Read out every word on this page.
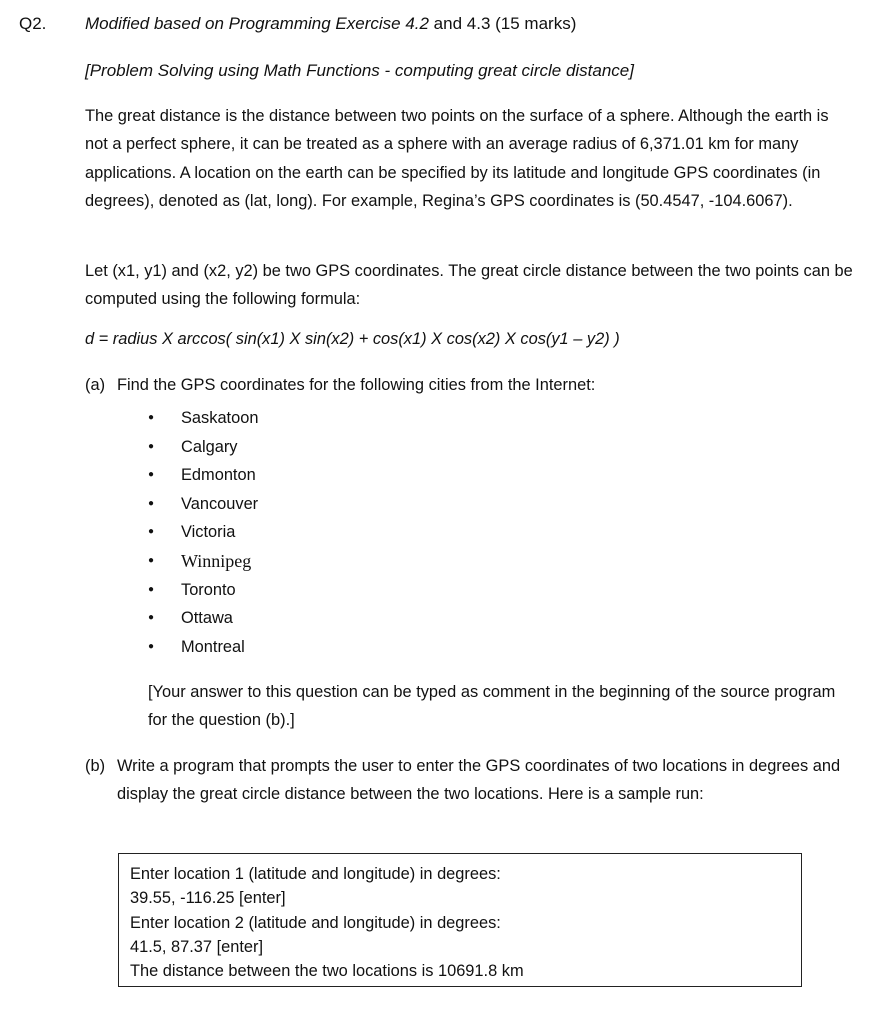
Q2. Modified based on Programming Exercise 4.2 and 4.3 (15 marks)
[Problem Solving using Math Functions - computing great circle distance]

The great distance is the distance between two points on the surface of a sphere. Although the earth is not a perfect sphere, it can be treated as a sphere with an average radius of 6,371.01 km for many applications. A location on the earth can be specified by its latitude and longitude GPS coordinates (in degrees), denoted as (lat, long). For example, Regina’s GPS coordinates is (50.4547, -104.6067).

Let (x1, y1) and (x2, y2) be two GPS coordinates. The great circle distance between the two points can be computed using the following formula:

d = radius X arccos( sin(x1) X sin(x2) + cos(x1) X cos(x2) X cos(y1 – y2) )
(a) Find the GPS coordinates for the following cities from the Internet:
● Saskatoon
● Calgary
● Edmonton
● Vancouver
● Victoria
● Winnipeg
● Toronto
● Ottawa
● Montreal
[Your answer to this question can be typed as comment in the beginning of the source program for the question (b).]
(b) Write a program that prompts the user to enter the GPS coordinates of two locations in degrees and display the great circle distance between the two locations. Here is a sample run:
Enter location 1 (latitude and longitude) in degrees:
39.55, -116.25 [enter]
Enter location 2 (latitude and longitude) in degrees:
41.5, 87.37 [enter]
The distance between the two locations is 10691.8 km
